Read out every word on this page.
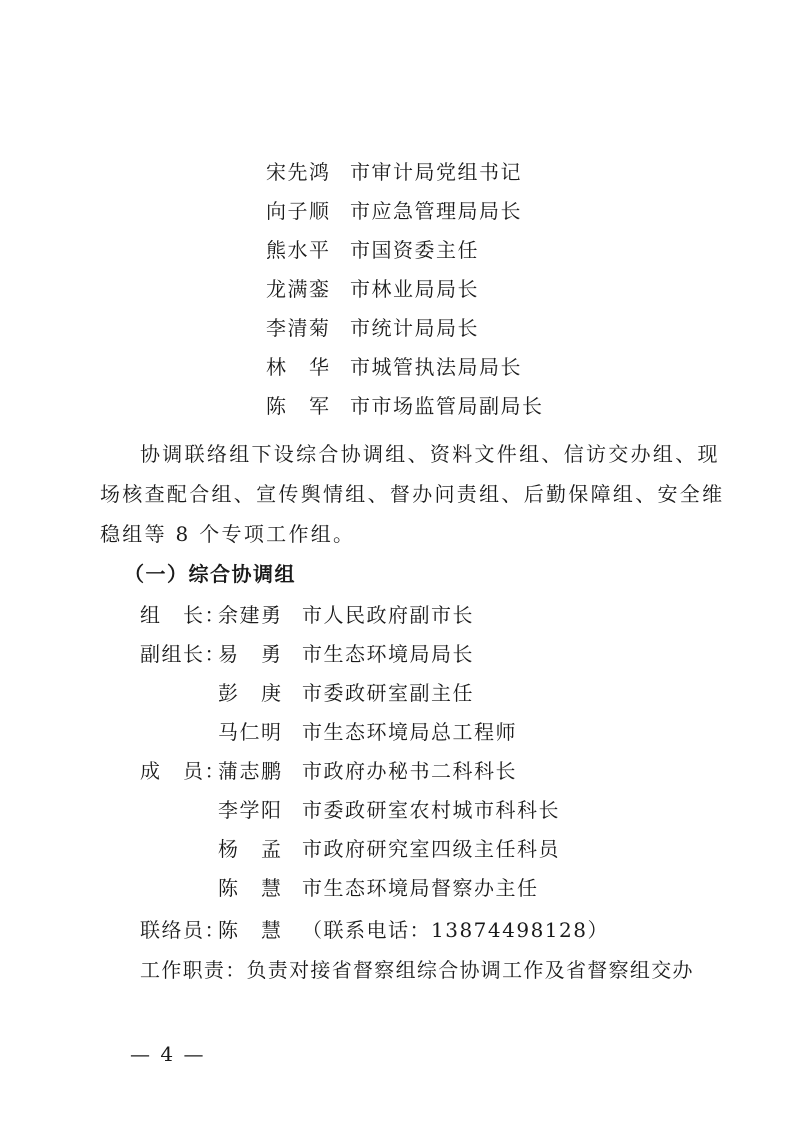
宋先鸿 市审计局党组书记

向子顺 市应急管理局局长

熊水平 市国资委主任

龙满銮 市林业局局长

李清菊 市统计局局长

林　华 市城管执法局局长

陈　军 市市场监管局副局长

协调联络组下设综合协调组、资料文件组、信访交办组、现

场核查配合组、宣传舆情组、督办问责组、后勤保障组、安全维

稳组等 8 个专项工作组。

（一）综合协调组

组　长：余建勇 市人民政府副市长

副组长：易　勇 市生态环境局局长

彭　庚 市委政研室副主任

马仁明 市生态环境局总工程师

成　员：蒲志鹏 市政府办秘书二科科长

李学阳 市委政研室农村城市科科长

杨　孟 市政府研究室四级主任科员

陈　慧 市生态环境局督察办主任

联络员：陈　慧 （联系电话：13874498128）

工作职责：负责对接省督察组综合协调工作及省督察组交办

— 4 —
